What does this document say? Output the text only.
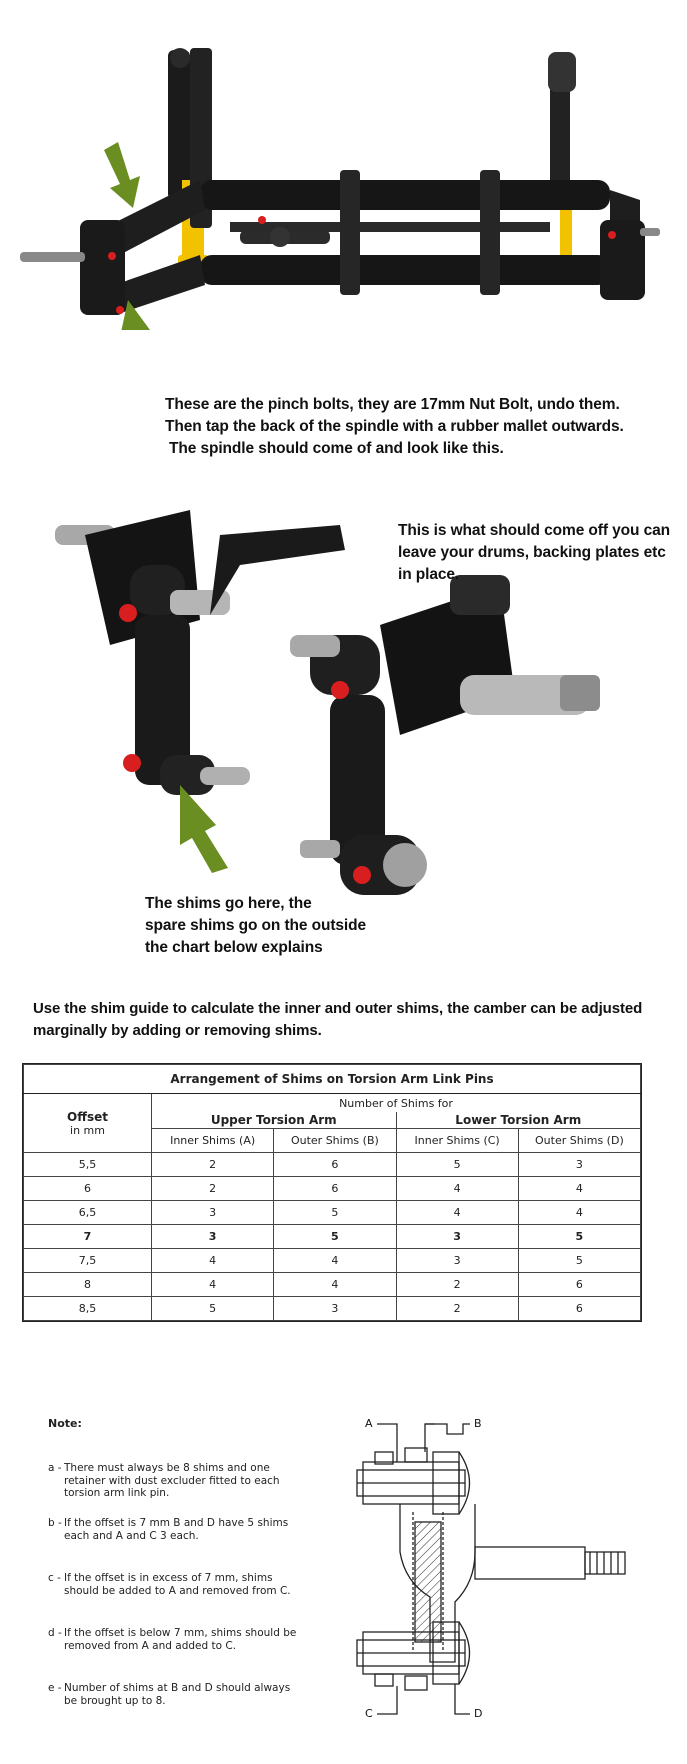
These are the pinch bolts, they are 17mm Nut Bolt, undo them.
Then tap the back of the spindle with a rubber mallet outwards.
The spindle should come of and look like this.
This is what should come off you can
leave your drums, backing plates etc
in place.
The shims go here, the
spare shims go on the outside
the chart below explains
Use the shim guide to calculate the inner and outer shims, the camber can be adjusted
marginally by adding or removing shims.
Arrangement of Shims on Torsion Arm Link Pins				

Offset
in mm	Number of Shims for			
	Upper Torsion Arm		Lower Torsion Arm	
	Inner Shims (A)	Outer Shims (B)	Inner Shims (C)	Outer Shims (D)
5,5	2	6	5	3
6	2	6	4	4
6,5	3	5	4	4
7	3	5	3	5
7,5	4	4	3	5
8	4	4	2	6
8,5	5	3	2	6
Note:
a - There must always be 8 shims and one retainer with dust excluder fitted to each torsion arm link pin.
b - If the offset is 7 mm B and D have 5 shims each and A and C 3 each.
c - If the offset is in excess of 7 mm, shims should be added to A and removed from C.
d - If the offset is below 7 mm, shims should be removed from A and added to C.
e - Number of shims at B and D should always be brought up to 8.
A	B
C	D
